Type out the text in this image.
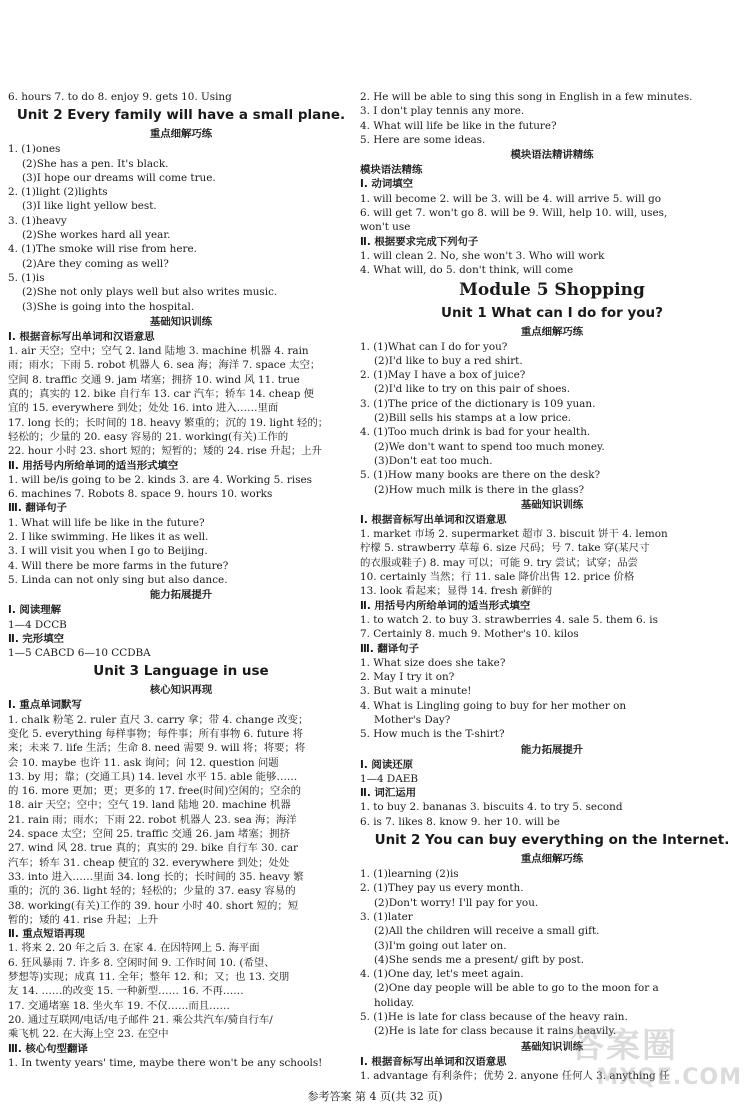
6. hours 7. to do 8. enjoy 9. gets 10. Using
Unit 2 Every family will have a small plane.
重点细解巧练
1. (1)ones
(2)She has a pen. It's black.
(3)I hope our dreams will come true.
2. (1)light (2)lights
(3)I like light yellow best.
3. (1)heavy
(2)She workes hard all year.
4. (1)The smoke will rise from here.
(2)Are they coming as well?
5. (1)is
(2)She not only plays well but also writes music.
(3)She is going into the hospital.
基础知识训练
Ⅰ. 根据音标写出单词和汉语意思
1. air 天空；空中；空气 2. land 陆地 3. machine 机器 4. rain
雨；雨水；下雨 5. robot 机器人 6. sea 海；海洋 7. space 太空；
空间 8. traffic 交通 9. jam 堵塞；拥挤 10. wind 风 11. true
真的；真实的 12. bike 自行车 13. car 汽车；轿车 14. cheap 便
宜的 15. everywhere 到处；处处 16. into 进入……里面
17. long 长的；长时间的 18. heavy 繁重的；沉的 19. light 轻的；
轻松的；少量的 20. easy 容易的 21. working(有关)工作的
22. hour 小时 23. short 短的；短暂的；矮的 24. rise 升起；上升
Ⅱ. 用括号内所给单词的适当形式填空
1. will be/is going to be 2. kinds 3. are 4. Working 5. rises
6. machines 7. Robots 8. space 9. hours 10. works
Ⅲ. 翻译句子
1. What will life be like in the future?
2. I like swimming. He likes it as well.
3. I will visit you when I go to Beijing.
4. Will there be more farms in the future?
5. Linda can not only sing but also dance.
能力拓展提升
Ⅰ. 阅读理解
1—4 DCCB
Ⅱ. 完形填空
1—5 CABCD 6—10 CCDBA
Unit 3 Language in use
核心知识再现
Ⅰ. 重点单词默写
1. chalk 粉笔 2. ruler 直尺 3. carry 拿；带 4. change 改变；
变化 5. everything 每样事物；每件事；所有事物 6. future 将
来；未来 7. life 生活；生命 8. need 需要 9. will 将；将要；将
会 10. maybe 也许 11. ask 询问；问 12. question 问题
13. by 用；靠；(交通工具) 14. level 水平 15. able 能够……
的 16. more 更加；更；更多的 17. free(时间)空闲的；空余的
18. air 天空；空中；空气 19. land 陆地 20. machine 机器
21. rain 雨；雨水；下雨 22. robot 机器人 23. sea 海；海洋
24. space 太空；空间 25. traffic 交通 26. jam 堵塞；拥挤
27. wind 风 28. true 真的；真实的 29. bike 自行车 30. car
汽车；轿车 31. cheap 便宜的 32. everywhere 到处；处处
33. into 进入……里面 34. long 长的；长时间的 35. heavy 繁
重的；沉的 36. light 轻的；轻松的；少量的 37. easy 容易的
38. working(有关)工作的 39. hour 小时 40. short 短的；短
暂的；矮的 41. rise 升起；上升
Ⅱ. 重点短语再现
1. 将来 2. 20 年之后 3. 在家 4. 在因特网上 5. 海平面
6. 狂风暴雨 7. 许多 8. 空闲时间 9. 工作时间 10. (希望、
梦想等)实现；成真 11. 全年；整年 12. 和；又；也 13. 交朋
友 14. ……的改变 15. 一种新型…… 16. 不再……
17. 交通堵塞 18. 坐火车 19. 不仅……而且……
20. 通过互联网/电话/电子邮件 21. 乘公共汽车/骑自行车/
乘飞机 22. 在大海上空 23. 在空中
Ⅲ. 核心句型翻译
1. In twenty years' time, maybe there won't be any schools!
2. He will be able to sing this song in English in a few minutes.
3. I don't play tennis any more.
4. What will life be like in the future?
5. Here are some ideas.
模块语法精讲精练
模块语法精练
Ⅰ. 动词填空
1. will become 2. will be 3. will be 4. will arrive 5. will go
6. will get 7. won't go 8. will be 9. Will, help 10. will, uses,
won't use
Ⅱ. 根据要求完成下列句子
1. will clean 2. No, she won't 3. Who will work
4. What will, do 5. don't think, will come
Module 5 Shopping
Unit 1 What can I do for you?
重点细解巧练
1. (1)What can I do for you?
(2)I'd like to buy a red shirt.
2. (1)May I have a box of juice?
(2)I'd like to try on this pair of shoes.
3. (1)The price of the dictionary is 109 yuan.
(2)Bill sells his stamps at a low price.
4. (1)Too much drink is bad for your health.
(2)We don't want to spend too much money.
(3)Don't eat too much.
5. (1)How many books are there on the desk?
(2)How much milk is there in the glass?
基础知识训练
Ⅰ. 根据音标写出单词和汉语意思
1. market 市场 2. supermarket 超市 3. biscuit 饼干 4. lemon
柠檬 5. strawberry 草莓 6. size 尺码；号 7. take 穿(某尺寸
的衣服或鞋子) 8. may 可以；可能 9. try 尝试；试穿；品尝
10. certainly 当然；行 11. sale 降价出售 12. price 价格
13. look 看起来；显得 14. fresh 新鲜的
Ⅱ. 用括号内所给单词的适当形式填空
1. to watch 2. to buy 3. strawberries 4. sale 5. them 6. is
7. Certainly 8. much 9. Mother's 10. kilos
Ⅲ. 翻译句子
1. What size does she take?
2. May I try it on?
3. But wait a minute!
4. What is Lingling going to buy for her mother on
Mother's Day?
5. How much is the T-shirt?
能力拓展提升
Ⅰ. 阅读还原
1—4 DAEB
Ⅱ. 词汇运用
1. to buy 2. bananas 3. biscuits 4. to try 5. second
6. is 7. likes 8. know 9. her 10. will be
Unit 2 You can buy everything on the Internet.
重点细解巧练
1. (1)learning (2)is
2. (1)They pay us every month.
(2)Don't worry! I'll pay for you.
3. (1)later
(2)All the children will receive a small gift.
(3)I'm going out later on.
(4)She sends me a present/ gift by post.
4. (1)One day, let's meet again.
(2)One day people will be able to go to the moon for a
holiday.
5. (1)He is late for class because of the heavy rain.
(2)He is late for class because it rains heavily.
基础知识训练
Ⅰ. 根据音标写出单词和汉语意思
1. advantage 有利条件；优势 2. anyone 任何人 3. anything 任
参考答案 第 4 页(共 32 页)
答案圈
MXQE.COM
